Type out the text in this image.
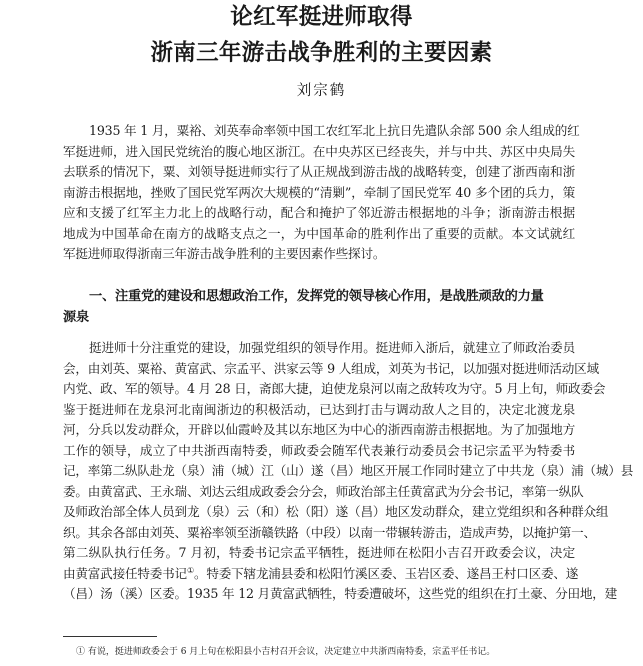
论红军挺进师取得
浙南三年游击战争胜利的主要因素
刘宗鹤
1935 年 1 月，粟裕、刘英奉命率领中国工农红军北上抗日先遣队余部 500 余人组成的红
军挺进师，进入国民党统治的腹心地区浙江。在中央苏区已经丧失，并与中共、苏区中央局失
去联系的情况下，粟、刘领导挺进师实行了从正规战到游击战的战略转变，创建了浙西南和浙
南游击根据地，挫败了国民党军两次大规模的“清剿”，牵制了国民党军 40 多个团的兵力，策
应和支援了红军主力北上的战略行动，配合和掩护了邻近游击根据地的斗争；浙南游击根据
地成为中国革命在南方的战略支点之一，为中国革命的胜利作出了重要的贡献。本文试就红
军挺进师取得浙南三年游击战争胜利的主要因素作些探讨。
一、注重党的建设和思想政治工作，发挥党的领导核心作用，是战胜顽敌的力量
源泉
挺进师十分注重党的建设，加强党组织的领导作用。挺进师入浙后，就建立了师政治委员
会，由刘英、粟裕、黄富武、宗孟平、洪家云等 9 人组成，刘英为书记，以加强对挺进师活动区域
内党、政、军的领导。4 月 28 日，斋郎大捷，迫使龙泉河以南之敌转攻为守。5 月上旬，师政委会
鉴于挺进师在龙泉河北南闽浙边的积极活动，已达到打击与调动敌人之目的，决定北渡龙泉
河，分兵以发动群众，开辟以仙霞岭及其以东地区为中心的浙西南游击根据地。为了加强地方
工作的领导，成立了中共浙西南特委，师政委会随军代表兼行动委员会书记宗孟平为特委书
记，率第二纵队赴龙（泉）浦（城）江（山）遂（昌）地区开展工作同时建立了中共龙（泉）浦（城）县
委。由黄富武、王永瑞、刘达云组成政委会分会，师政治部主任黄富武为分会书记，率第一纵队
及师政治部全体人员到龙（泉）云（和）松（阳）遂（昌）地区发动群众，建立党组织和各种群众组
织。其余各部由刘英、粟裕率领至浙赣铁路（中段）以南一带辗转游击，造成声势，以掩护第一、
第二纵队执行任务。7 月初，特委书记宗孟平牺牲，挺进师在松阳小吉召开政委会议，决定
由黄富武接任特委书记①。特委下辖龙浦县委和松阳竹溪区委、玉岩区委、遂昌王村口区委、遂
（昌）汤（溪）区委。1935 年 12 月黄富武牺牲，特委遭破坏，这些党的组织在打土豪、分田地，建
① 有说，挺进师政委会于 6 月上旬在松阳县小吉村召开会议，决定建立中共浙西南特委，宗孟平任书记。
